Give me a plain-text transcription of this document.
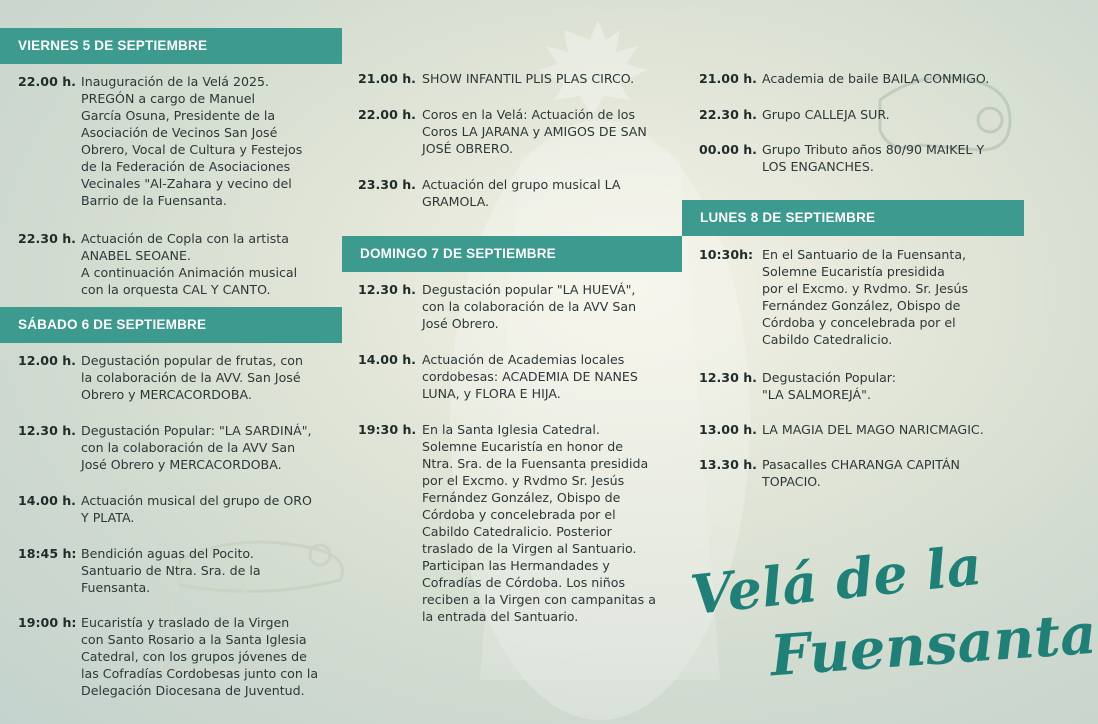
VIERNES 5 DE SEPTIEMBRE
22.00 h. Inauguración de la Velá 2025.
PREGÓN a cargo de Manuel
García Osuna, Presidente de la
Asociación de Vecinos San José
Obrero, Vocal de Cultura y Festejos
de la Federación de Asociaciones
Vecinales "Al-Zahara y vecino del
Barrio de la Fuensanta.
22.30 h. Actuación de Copla con la artista
ANABEL SEOANE.
A continuación Animación musical
con la orquesta CAL Y CANTO.
SÁBADO 6 DE SEPTIEMBRE
12.00 h. Degustación popular de frutas, con
la colaboración de la AVV. San José
Obrero y MERCACORDOBA.
12.30 h. Degustación Popular: "LA SARDINÁ",
con la colaboración de la AVV San
José Obrero y MERCACORDOBA.
14.00 h. Actuación musical del grupo de ORO
Y PLATA.
18:45 h: Bendición aguas del Pocito.
Santuario de Ntra. Sra. de la
Fuensanta.
19:00 h: Eucaristía y traslado de la Virgen
con Santo Rosario a la Santa Iglesia
Catedral, con los grupos jóvenes de
las Cofradías Cordobesas junto con la
Delegación Diocesana de Juventud.
21.00 h. SHOW INFANTIL PLIS PLAS CIRCO.
22.00 h. Coros en la Velá: Actuación de los
Coros LA JARANA y AMIGOS DE SAN
JOSÉ OBRERO.
23.30 h. Actuación del grupo musical LA
GRAMOLA.
DOMINGO 7 DE SEPTIEMBRE
12.30 h. Degustación popular "LA HUEVÁ",
con la colaboración de la AVV San
José Obrero.
14.00 h. Actuación de Academias locales
cordobesas: ACADEMIA DE NANES
LUNA, y FLORA E HIJA.
19:30 h. En la Santa Iglesia Catedral.
Solemne Eucaristía en honor de
Ntra. Sra. de la Fuensanta presidida
por el Excmo. y Rvdmo Sr. Jesús
Fernández González, Obispo de
Córdoba y concelebrada por el
Cabildo Catedralicio. Posterior
traslado de la Virgen al Santuario.
Participan las Hermandades y
Cofradías de Córdoba. Los niños
reciben a la Virgen con campanitas a
la entrada del Santuario.
21.00 h. Academia de baile BAILA CONMIGO.
22.30 h. Grupo CALLEJA SUR.
00.00 h. Grupo Tributo años 80/90 MAIKEL Y
LOS ENGANCHES.
LUNES 8 DE SEPTIEMBRE
10:30h: En el Santuario de la Fuensanta,
Solemne Eucaristía presidida
por el Excmo. y Rvdmo. Sr. Jesús
Fernández González, Obispo de
Córdoba y concelebrada por el
Cabildo Catedralicio.
12.30 h. Degustación Popular:
"LA SALMOREJÁ".
13.00 h. LA MAGIA DEL MAGO NARICMAGIC.
13.30 h. Pasacalles CHARANGA CAPITÁN
TOPACIO.
Velá de la
Fuensanta
